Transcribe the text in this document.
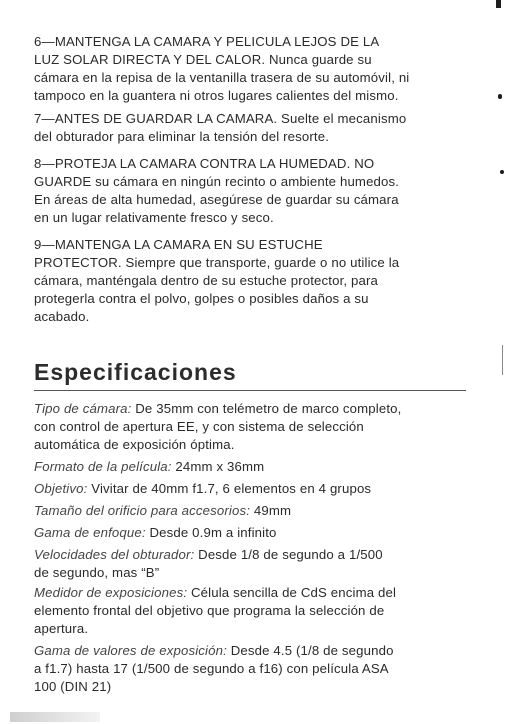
6—MANTENGA LA CAMARA Y PELICULA LEJOS DE LA
LUZ SOLAR DIRECTA Y DEL CALOR. Nunca guarde su
cámara en la repisa de la ventanilla trasera de su automóvil, ni
tampoco en la guantera ni otros lugares calientes del mismo.
7—ANTES DE GUARDAR LA CAMARA. Suelte el mecanismo
del obturador para eliminar la tensión del resorte.
8—PROTEJA LA CAMARA CONTRA LA HUMEDAD. NO
GUARDE su cámara en ningún recinto o ambiente humedos.
En áreas de alta humedad, asegúrese de guardar su cámara
en un lugar relativamente fresco y seco.
9—MANTENGA LA CAMARA EN SU ESTUCHE
PROTECTOR. Siempre que transporte, guarde o no utilice la
cámara, manténgala dentro de su estuche protector, para
protegerla contra el polvo, golpes o posibles daños a su
acabado.
Especificaciones
Tipo de cámara: De 35mm con telémetro de marco completo,
con control de apertura EE, y con sistema de selección
automática de exposición óptima.
Formato de la película: 24mm x 36mm
Objetivo: Vivitar de 40mm f1.7, 6 elementos en 4 grupos
Tamaño del orificio para accesorios: 49mm
Gama de enfoque: Desde 0.9m a infinito
Velocidades del obturador: Desde 1/8 de segundo a 1/500
de segundo, mas “B”
Medidor de exposiciones: Célula sencilla de CdS encima del
elemento frontal del objetivo que programa la selección de
apertura.
Gama de valores de exposición: Desde 4.5 (1/8 de segundo
a f1.7) hasta 17 (1/500 de segundo a f16) con película ASA
100 (DIN 21)
